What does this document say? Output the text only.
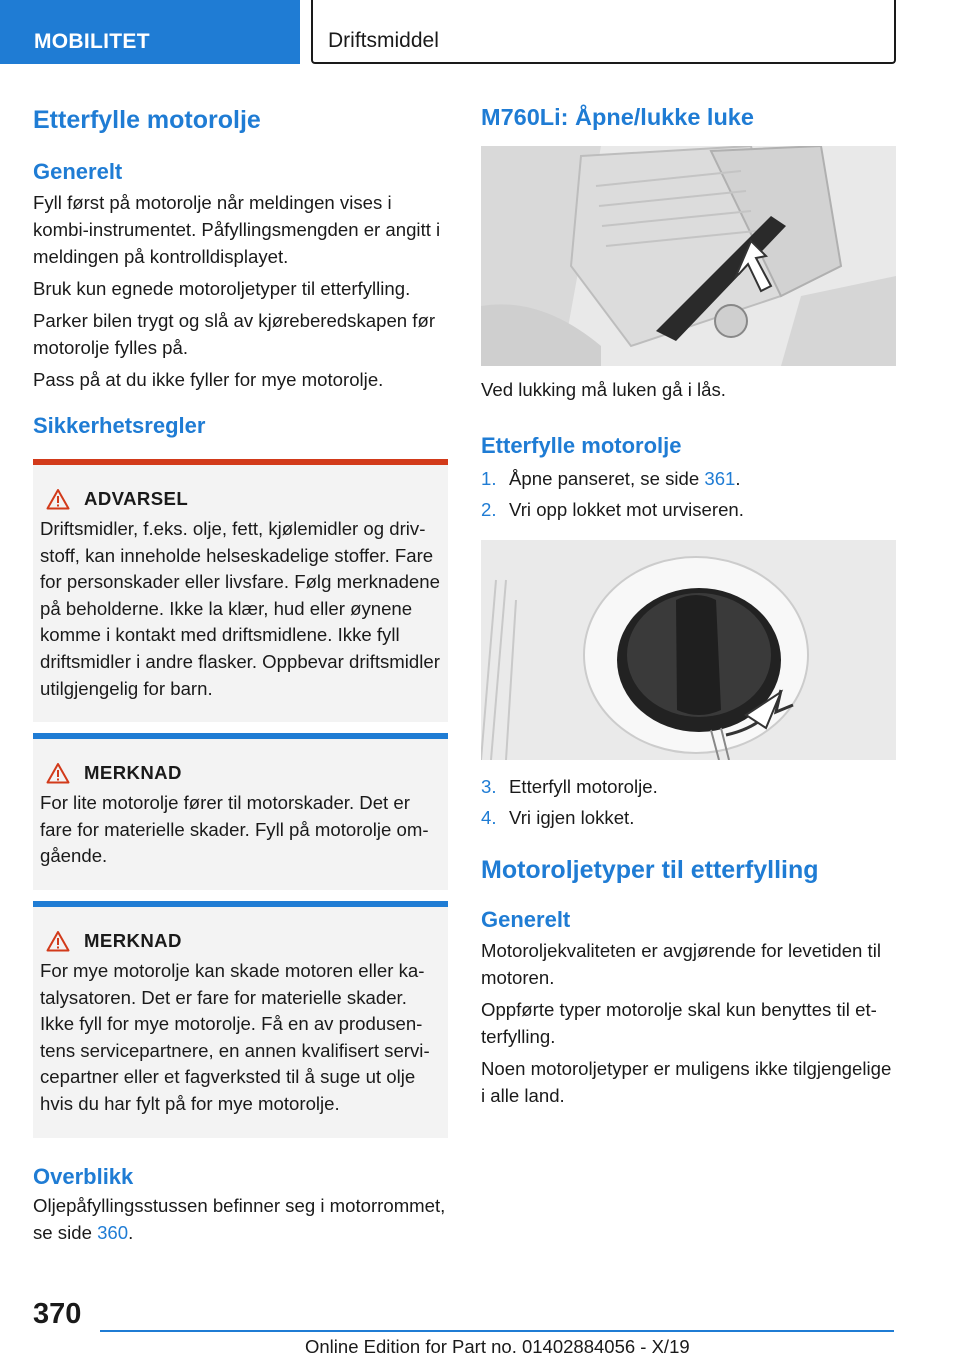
MOBILITET	Driftsmiddel
Etterfylle motorolje
Generelt

Fyll først på motorolje når meldingen vises i kombi-instrumentet. Påfyllingsmengden er angitt i meldingen på kontrolldisplayet.

Bruk kun egnede motoroljetyper til etterfylling.

Parker bilen trygt og slå av kjøreberedskapen før motorolje fylles på.

Pass på at du ikke fyller for mye motorolje.

Sikkerhetsregler
ADVARSEL

Driftsmidler, f.eks. olje, fett, kjølemidler og drivstoff, kan inneholde helseskadelige stoffer. Fare for personskader eller livsfare. Følg merknadene på beholderne. Ikke la klær, hud eller øynene komme i kontakt med driftsmidlene. Ikke fyll driftsmidler i andre flasker. Oppbevar driftsmidler utilgjengelig for barn.

MERKNAD

For lite motorolje fører til motorskader. Det er fare for materielle skader. Fyll på motorolje omgående.

MERKNAD

For mye motorolje kan skade motoren eller katalysatoren. Det er fare for materielle skader. Ikke fyll for mye motorolje. Få en av produsentens servicepartnere, en annen kvalifisert servicepartner eller et fagverksted til å suge ut olje hvis du har fylt på for mye motorolje.

Overblikk

Oljepåfyllingsstussen befinner seg i motorrommet, se side 360.

M760Li: Åpne/lukke luke

Ved lukking må luken gå i lås.

Etterfylle motorolje
1. Åpne panseret, se side 361.
2. Vri opp lokket mot urviseren.
3. Etterfyll motorolje.
4. Vri igjen lokket.
Motoroljetyper til etterfylling
Generelt

Motoroljekvaliteten er avgjørende for levetiden til motoren.

Oppførte typer motorolje skal kun benyttes til etterfylling.

Noen motoroljetyper er muligens ikke tilgjengelige i alle land.

370
Online Edition for Part no. 01402884056 - X/19
